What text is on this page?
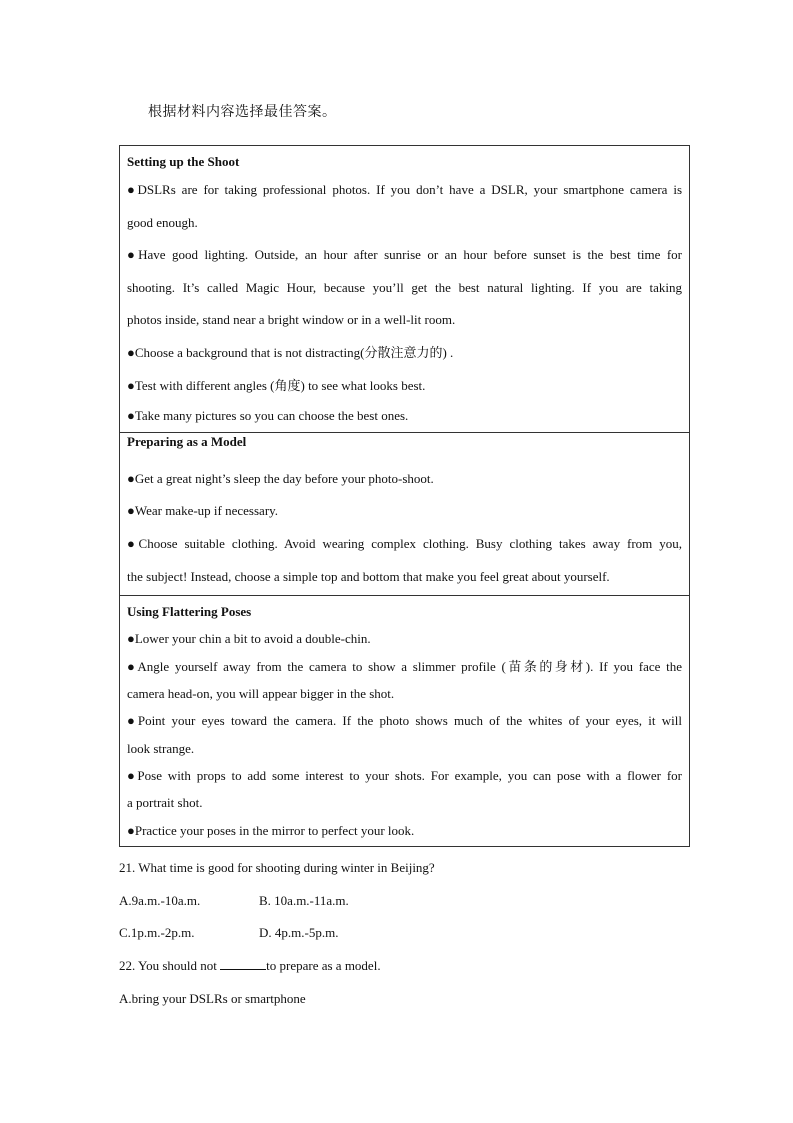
根据材料内容选择最佳答案。

Setting up the Shoot

●DSLRs are for taking professional photos. If you don’t have a DSLR, your smartphone camera is

good enough.

●Have good lighting. Outside, an hour after sunrise or an hour before sunset is the best time for

shooting. It’s called Magic Hour, because you’ll get the best natural lighting. If you are taking

photos inside, stand near a bright window or in a well-lit room.

●Choose a background that is not distracting(分散注意力的) .

●Test with different angles (角度) to see what looks best.

●Take many pictures so you can choose the best ones.

Preparing as a Model

●Get a great night’s sleep the day before your photo-shoot.

●Wear make-up if necessary.

●Choose suitable clothing. Avoid wearing complex clothing. Busy clothing takes away from you,

the subject! Instead, choose a simple top and bottom that make you feel great about yourself.

Using Flattering Poses

●Lower your chin a bit to avoid a double-chin.

●Angle yourself away from the camera to show a slimmer profile (苗条的身材). If you face the

camera head-on, you will appear bigger in the shot.

●Point your eyes toward the camera. If the photo shows much of the whites of your eyes, it will

look strange.

●Pose with props to add some interest to your shots. For example, you can pose with a flower for

a portrait shot.

●Practice your poses in the mirror to perfect your look.

21. What time is good for shooting during winter in Beijing?
A.9a.m.-10a.m.	B. 10a.m.-11a.m.
C.1p.m.-2p.m.	D. 4p.m.-5p.m.
22. You should not	to prepare as a model.
A.bring your DSLRs or smartphone
